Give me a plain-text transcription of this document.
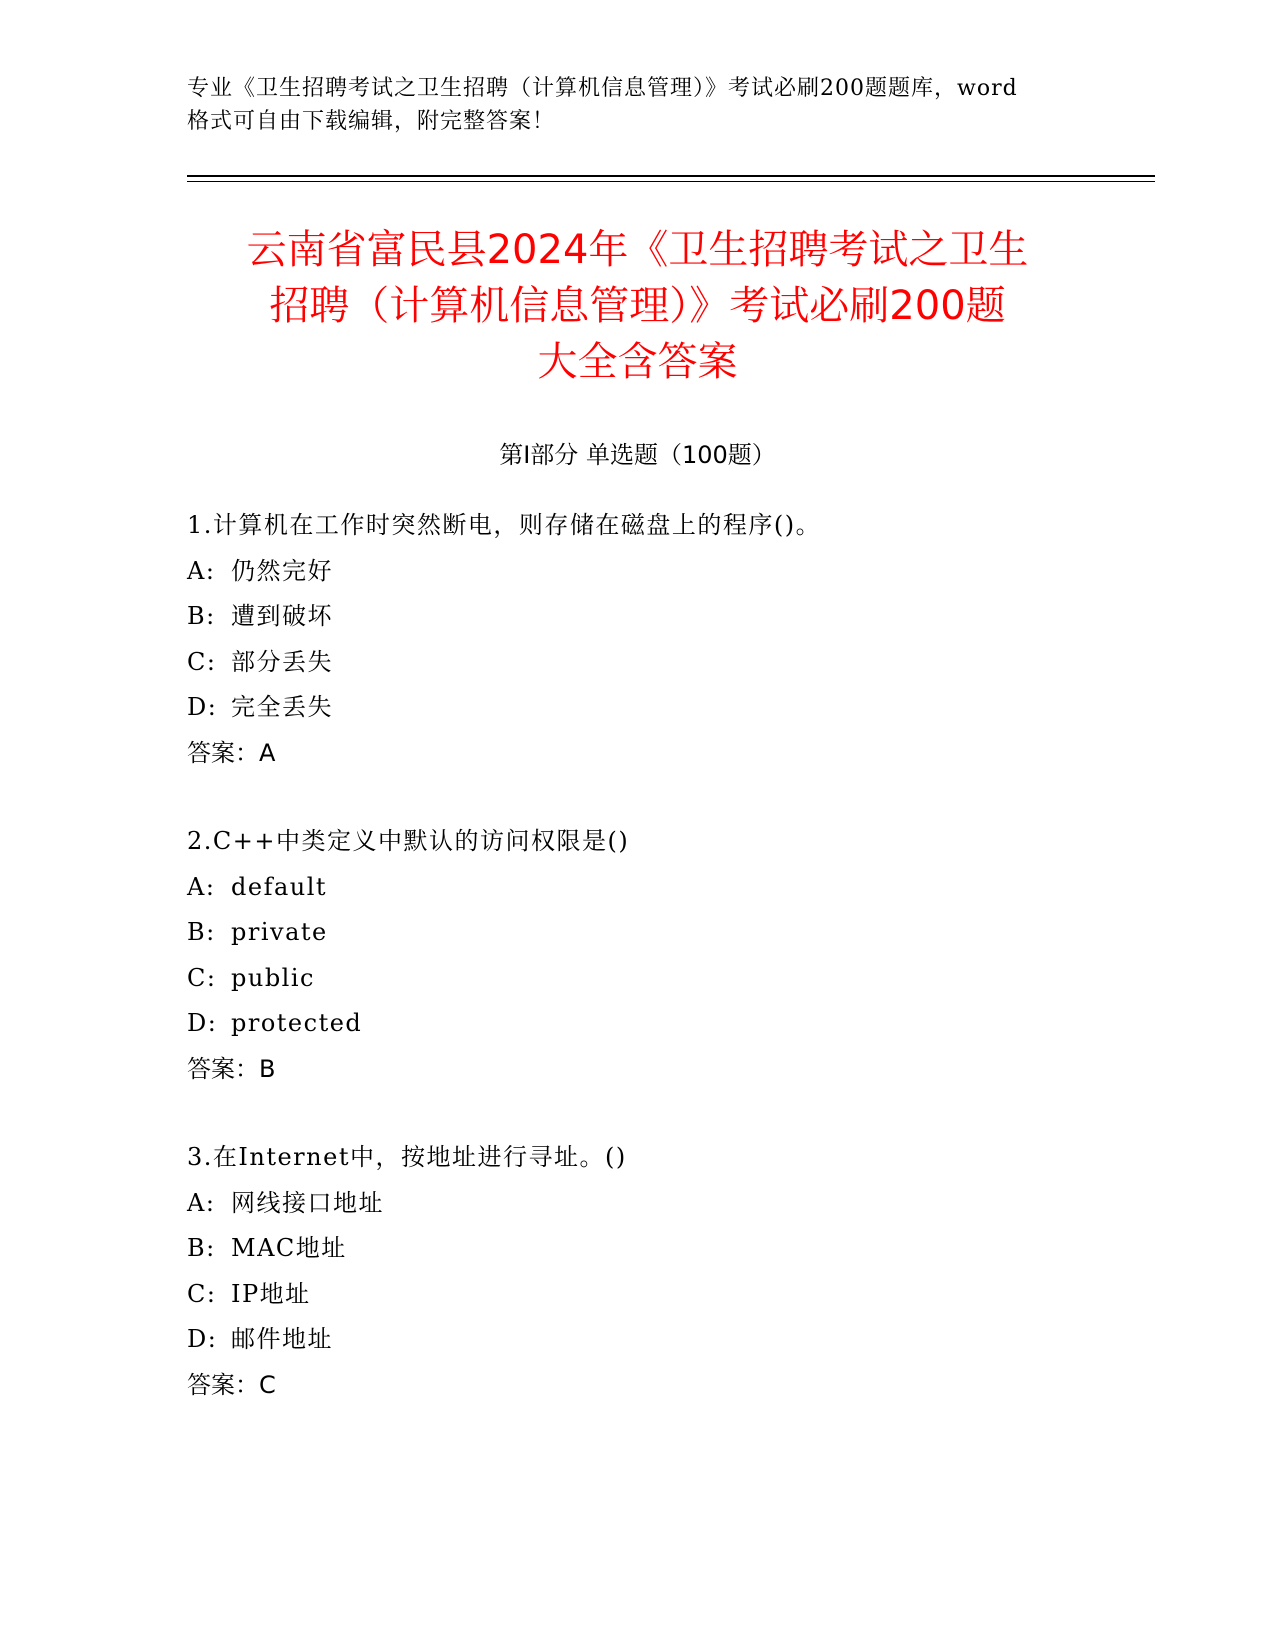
专业《卫生招聘考试之卫生招聘（计算机信息管理）》考试必刷200题题库，word
格式可自由下载编辑，附完整答案！
云南省富民县2024年《卫生招聘考试之卫生
招聘（计算机信息管理）》考试必刷200题
大全含答案
第Ⅰ部分 单选题（100题）
1.计算机在工作时突然断电，则存储在磁盘上的程序()。
A: 仍然完好
B: 遭到破坏
C: 部分丢失
D: 完全丢失
答案：A
2.C++中类定义中默认的访问权限是()
A: default
B: private
C: public
D: protected
答案：B
3.在Internet中，按地址进行寻址。()
A: 网线接口地址
B: MAC地址
C: IP地址
D: 邮件地址
答案：C
